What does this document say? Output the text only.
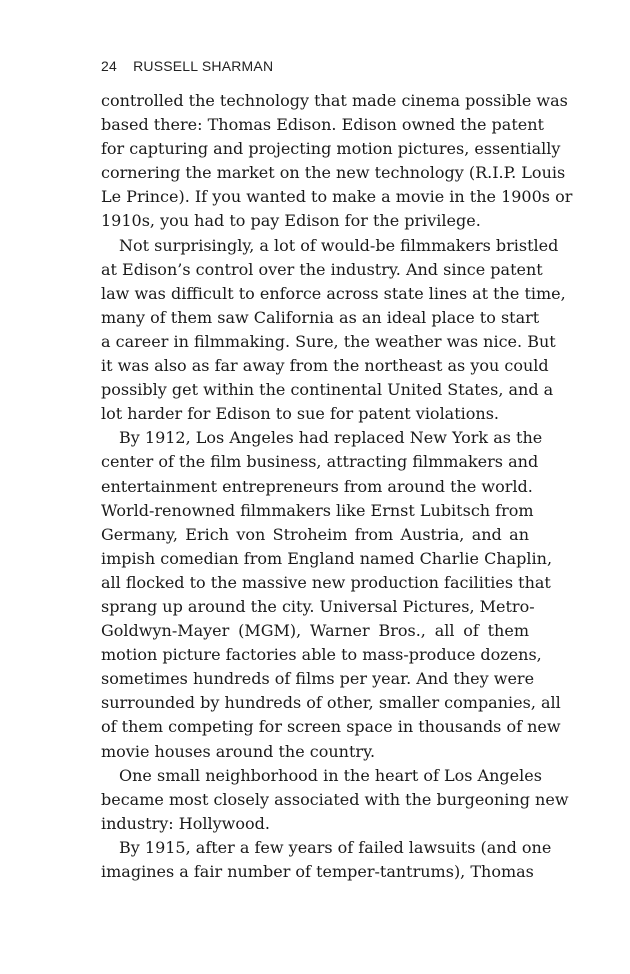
24 RUSSELL SHARMAN

controlled the technology that made cinema possible was
based there: Thomas Edison. Edison owned the patent
for capturing and projecting motion pictures, essentially
cornering the market on the new technology (R.I.P. Louis
Le Prince). If you wanted to make a movie in the 1900s or
1910s, you had to pay Edison for the privilege.

Not surprisingly, a lot of would-be filmmakers bristled
at Edison’s control over the industry. And since patent
law was difficult to enforce across state lines at the time,
many of them saw California as an ideal place to start
a career in filmmaking. Sure, the weather was nice. But
it was also as far away from the northeast as you could
possibly get within the continental United States, and a
lot harder for Edison to sue for patent violations.

By 1912, Los Angeles had replaced New York as the
center of the film business, attracting filmmakers and
entertainment entrepreneurs from around the world.
World-renowned filmmakers like Ernst Lubitsch from
Germany, Erich von Stroheim from Austria, and an
impish comedian from England named Charlie Chaplin,
all flocked to the massive new production facilities that
sprang up around the city. Universal Pictures, Metro-
Goldwyn-Mayer (MGM), Warner Bros., all of them
motion picture factories able to mass-produce dozens,
sometimes hundreds of films per year. And they were
surrounded by hundreds of other, smaller companies, all
of them competing for screen space in thousands of new
movie houses around the country.

One small neighborhood in the heart of Los Angeles
became most closely associated with the burgeoning new
industry: Hollywood.

By 1915, after a few years of failed lawsuits (and one
imagines a fair number of temper-tantrums), Thomas
